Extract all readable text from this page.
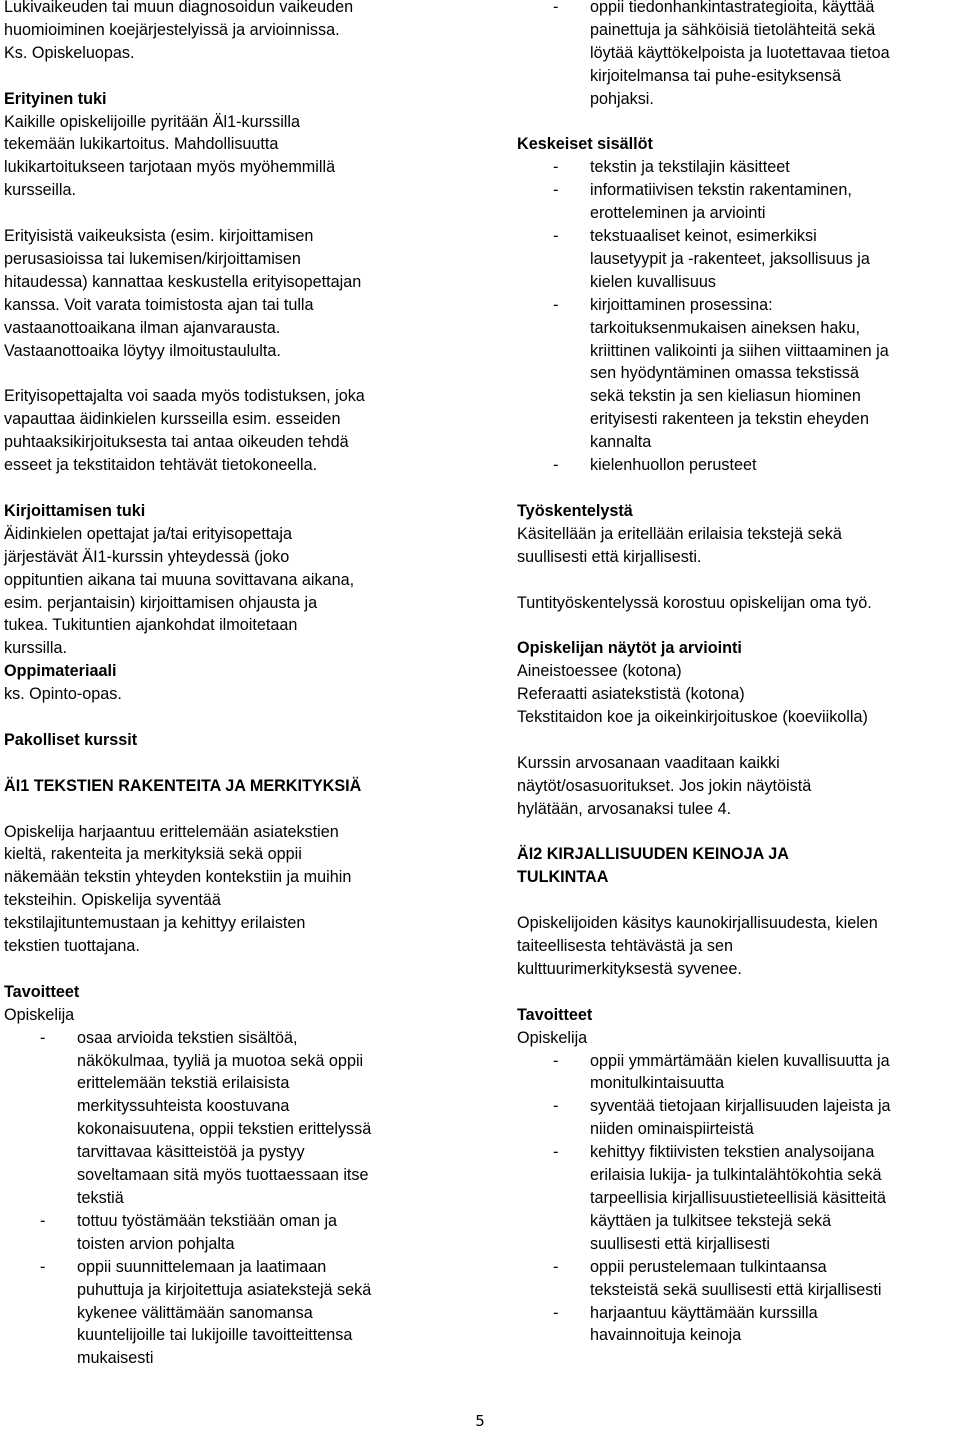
Lukivaikeuden tai muun diagnosoidun vaikeuden

huomioiminen koejärjestelyissä ja arvioinnissa.

Ks. Opiskeluopas.

Erityinen tuki

Kaikille opiskelijoille pyritään Äl1-kurssilla

tekemään lukikartoitus. Mahdollisuutta

lukikartoitukseen tarjotaan myös myöhemmillä

kursseilla.

Erityisistä vaikeuksista (esim. kirjoittamisen

perusasioissa tai lukemisen/kirjoittamisen

hitaudessa) kannattaa keskustella erityisopettajan

kanssa. Voit varata toimistosta ajan tai tulla

vastaanottoaikana ilman ajanvarausta.

Vastaanottoaika löytyy ilmoitustaululta.

Erityisopettajalta voi saada myös todistuksen, joka

vapauttaa äidinkielen kursseilla esim. esseiden

puhtaaksikirjoituksesta tai antaa oikeuden tehdä

esseet ja tekstitaidon tehtävät tietokoneella.

Kirjoittamisen tuki

Äidinkielen opettajat ja/tai erityisopettaja

järjestävät ÄI1-kurssin yhteydessä (joko

oppituntien aikana tai muuna sovittavana aikana,

esim. perjantaisin) kirjoittamisen ohjausta ja

tukea. Tukituntien ajankohdat ilmoitetaan

kurssilla.

Oppimateriaali

ks. Opinto-opas.

Pakolliset kurssit

ÄI1 TEKSTIEN RAKENTEITA JA MERKITYKSIÄ

Opiskelija harjaantuu erittelemään asiatekstien

kieltä, rakenteita ja merkityksiä sekä oppii

näkemään tekstin yhteyden kontekstiin ja muihin

teksteihin. Opiskelija syventää

tekstilajituntemustaan ja kehittyy erilaisten

tekstien tuottajana.

Tavoitteet

Opiskelija

- osaa arvioida tekstien sisältöä,

näkökulmaa, tyyliä ja muotoa sekä oppii

erittelemään tekstiä erilaisista

merkityssuhteista koostuvana

kokonaisuutena, oppii tekstien erittelyssä

tarvittavaa käsitteistöä ja pystyy

soveltamaan sitä myös tuottaessaan itse

tekstiä

- tottuu työstämään tekstiään oman ja

toisten arvion pohjalta

- oppii suunnittelemaan ja laatimaan

puhuttuja ja kirjoitettuja asiatekstejä sekä

kykenee välittämään sanomansa

kuuntelijoille tai lukijoille tavoitteittensa

mukaisesti

- oppii tiedonhankintastrategioita, käyttää

painettuja ja sähköisiä tietolähteitä sekä

löytää käyttökelpoista ja luotettavaa tietoa

kirjoitelmansa tai puhe-esityksensä

pohjaksi.

Keskeiset sisällöt

- tekstin ja tekstilajin käsitteet

- informatiivisen tekstin rakentaminen,

erotteleminen ja arviointi

- tekstuaaliset keinot, esimerkiksi

lausetyypit ja -rakenteet, jaksollisuus ja

kielen kuvallisuus

- kirjoittaminen prosessina:

tarkoituksenmukaisen aineksen haku,

kriittinen valikointi ja siihen viittaaminen ja

sen hyödyntäminen omassa tekstissä

sekä tekstin ja sen kieliasun hiominen

erityisesti rakenteen ja tekstin eheyden

kannalta

- kielenhuollon perusteet

Työskentelystä

Käsitellään ja eritellään erilaisia tekstejä sekä

suullisesti että kirjallisesti.

Tuntityöskentelyssä korostuu opiskelijan oma työ.

Opiskelijan näytöt ja arviointi

Aineistoessee (kotona)

Referaatti asiatekstistä (kotona)

Tekstitaidon koe ja oikeinkirjoituskoe (koeviikolla)

Kurssin arvosanaan vaaditaan kaikki

näytöt/osasuoritukset. Jos jokin näytöistä

hylätään, arvosanaksi tulee 4.

ÄI2 KIRJALLISUUDEN KEINOJA JA

TULKINTAA

Opiskelijoiden käsitys kaunokirjallisuudesta, kielen

taiteellisesta tehtävästä ja sen

kulttuurimerkityksestä syvenee.

Tavoitteet

Opiskelija

- oppii ymmärtämään kielen kuvallisuutta ja

monitulkintaisuutta

- syventää tietojaan kirjallisuuden lajeista ja

niiden ominaispiirteistä

- kehittyy fiktiivisten tekstien analysoijana

erilaisia lukija- ja tulkintalähtökohtia sekä

tarpeellisia kirjallisuustieteellisiä käsitteitä

käyttäen ja tulkitsee tekstejä sekä

suullisesti että kirjallisesti

- oppii perustelemaan tulkintaansa

teksteistä sekä suullisesti että kirjallisesti

- harjaantuu käyttämään kurssilla

havainnoituja keinoja

5
